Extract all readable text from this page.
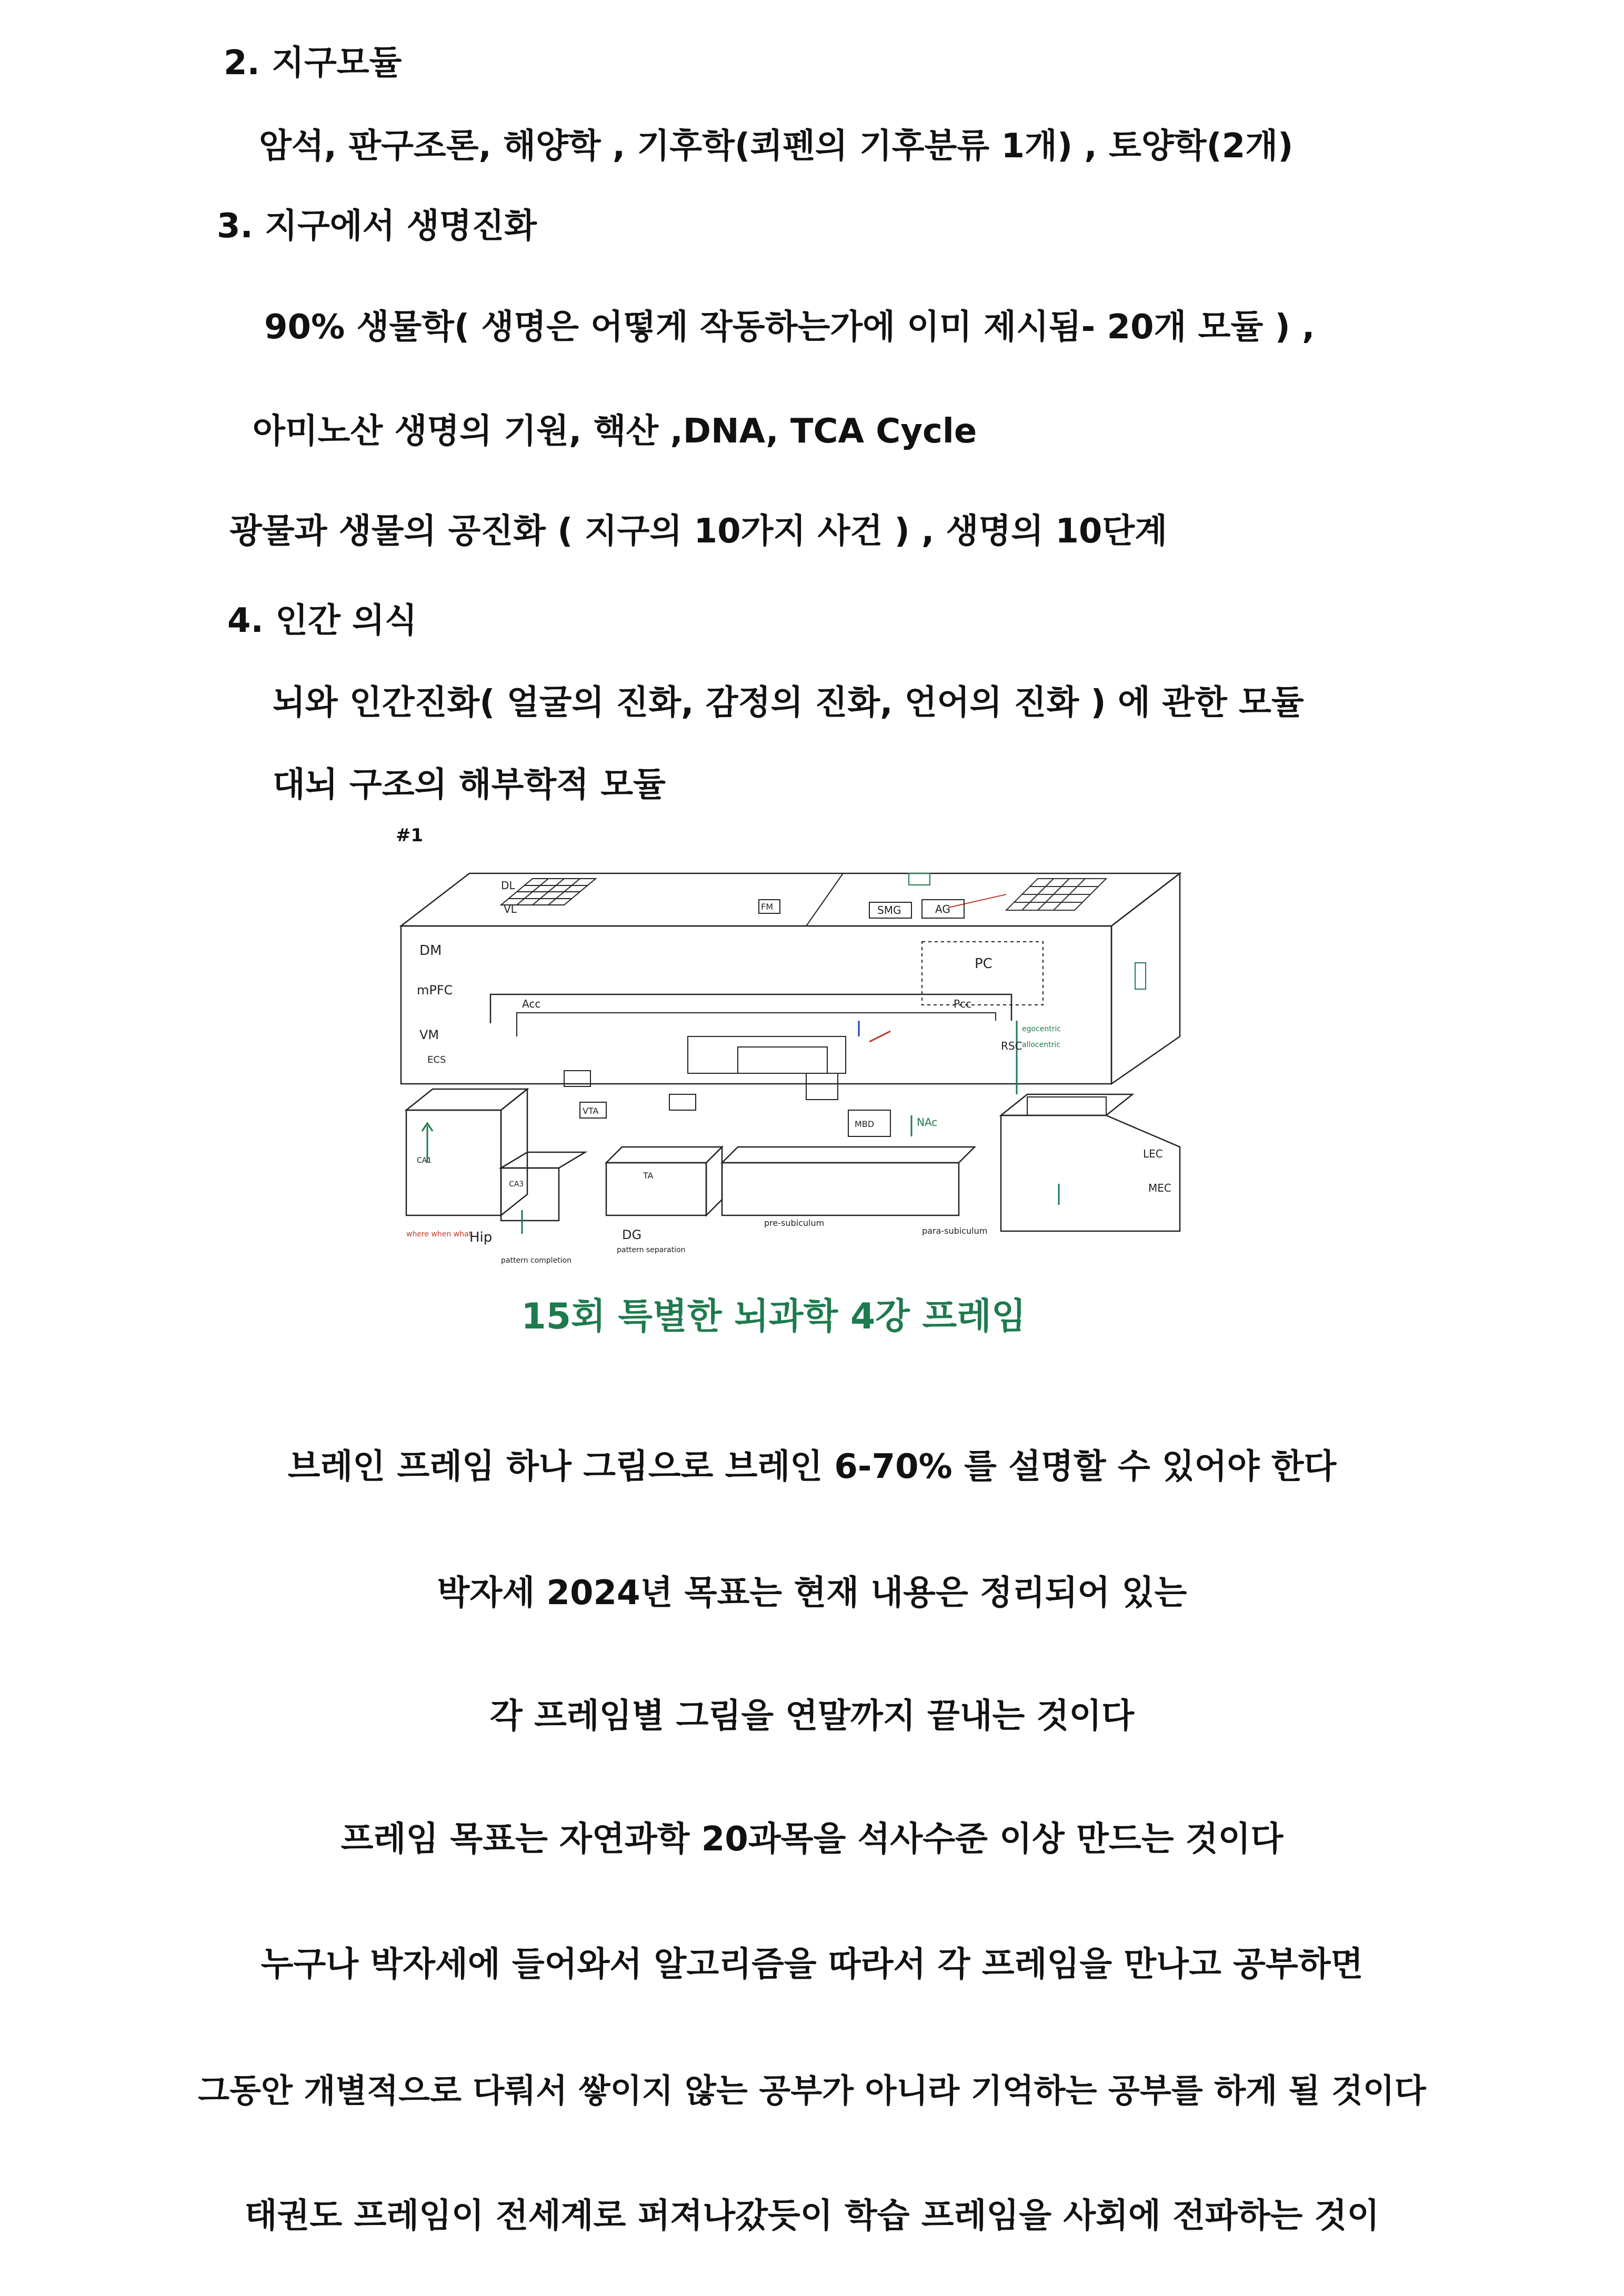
2. 지구모듈
암석, 판구조론, 해양학 , 기후학(쾨펜의 기후분류 1개) , 토양학(2개)
3. 지구에서 생명진화
90% 생물학( 생명은 어떻게 작동하는가에 이미 제시됨- 20개 모듈 ) ,
아미노산 생명의 기원, 핵산 ,DNA, TCA Cycle
광물과 생물의 공진화 ( 지구의 10가지 사건 ) , 생명의 10단계
4. 인간 의식
뇌와 인간진화( 얼굴의 진화, 감정의 진화, 언어의 진화 ) 에 관한 모듈
대뇌 구조의 해부학적 모듈
#1
DL
VL	FM	SMG	AG
PC
DM
mPFC
Acc	Pcc
VM
RSC
ECS
NAc
VTA
MBD
LEC
MEC
Hip	DG
pattern separation
pattern completion
pre-subiculum
para-subiculum
TA
CA3
CA1
egocentric
allocentric
where when what
15회 특별한 뇌과학 4강 프레임
브레인 프레임 하나 그림으로 브레인 6-70% 를 설명할 수 있어야 한다
박자세 2024년 목표는 현재 내용은 정리되어 있는
각 프레임별 그림을 연말까지 끝내는 것이다
프레임 목표는 자연과학 20과목을 석사수준 이상 만드는 것이다
누구나 박자세에 들어와서 알고리즘을 따라서 각 프레임을 만나고 공부하면
그동안 개별적으로 다뤄서 쌓이지 않는 공부가 아니라 기억하는 공부를 하게 될 것이다
태권도 프레임이 전세계로 퍼져나갔듯이 학습 프레임을 사회에 전파하는 것이
